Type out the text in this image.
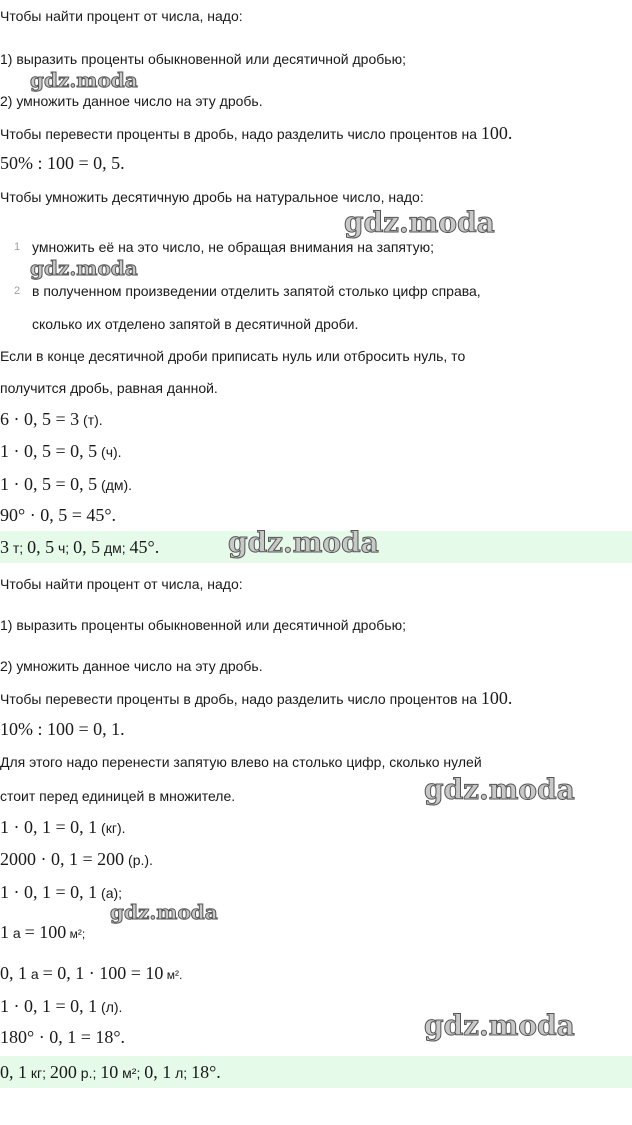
Чтобы найти процент от числа, надо:
1) выразить проценты обыкновенной или десятичной дробью;
2) умножить данное число на эту дробь.
Чтобы перевести проценты в дробь, надо разделить число процентов на 100.
50% : 100 = 0, 5.
Чтобы умножить десятичную дробь на натуральное число, надо:
1 умножить её на это число, не обращая внимания на запятую;
2 в полученном произведении отделить запятой столько цифр справа,
сколько их отделено запятой в десятичной дроби.
Если в конце десятичной дроби приписать нуль или отбросить нуль, то
получится дробь, равная данной.
6 · 0, 5 = 3 (т).
1 · 0, 5 = 0, 5 (ч).
1 · 0, 5 = 0, 5 (дм).
90° · 0, 5 = 45°.
3 т; 0, 5 ч; 0, 5 дм; 45°.
Чтобы найти процент от числа, надо:
1) выразить проценты обыкновенной или десятичной дробью;
2) умножить данное число на эту дробь.
Чтобы перевести проценты в дробь, надо разделить число процентов на 100.
10% : 100 = 0, 1.
Для этого надо перенести запятую влево на столько цифр, сколько нулей
стоит перед единицей в множителе.
1 · 0, 1 = 0, 1 (кг).
2000 · 0, 1 = 200 (р.).
1 · 0, 1 = 0, 1 (а);
1 а = 100 м²;
0, 1 а = 0, 1 · 100 = 10 м².
1 · 0, 1 = 0, 1 (л).
180° · 0, 1 = 18°.
0, 1 кг; 200 р.; 10 м²; 0, 1 л; 18°.
gdz.moda
gdz.moda
gdz.moda
gdz.moda
gdz.moda
gdz.moda
gdz.moda
